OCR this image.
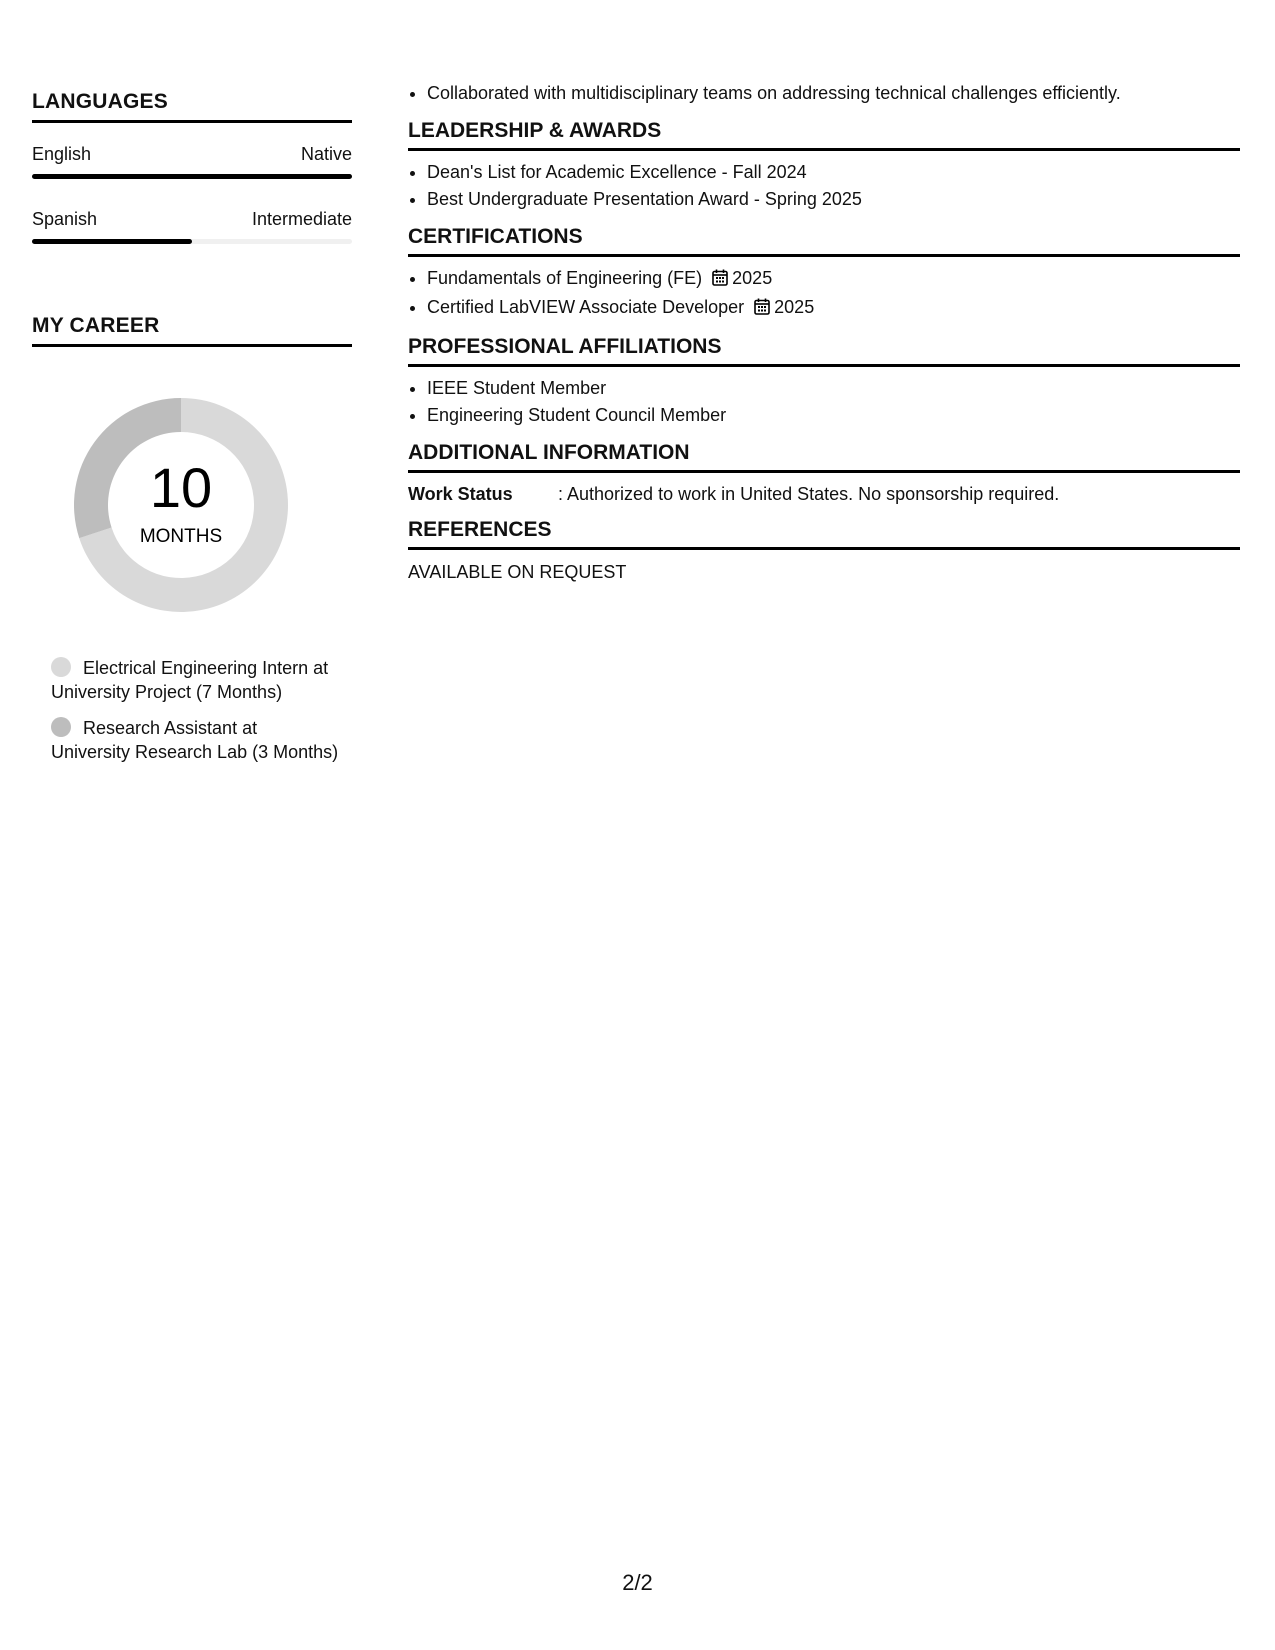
LANGUAGES
English	Native
Spanish	Intermediate
MY CAREER
10
MONTHS
Electrical Engineering Intern at University Project (7 Months)
Research Assistant at University Research Lab (3 Months)
• Collaborated with multidisciplinary teams on addressing technical challenges efficiently.
LEADERSHIP & AWARDS
• Dean's List for Academic Excellence - Fall 2024
• Best Undergraduate Presentation Award - Spring 2025
CERTIFICATIONS
• Fundamentals of Engineering (FE) 2025
• Certified LabVIEW Associate Developer 2025
PROFESSIONAL AFFILIATIONS
• IEEE Student Member
• Engineering Student Council Member
ADDITIONAL INFORMATION
Work Status	: Authorized to work in United States. No sponsorship required.
REFERENCES
AVAILABLE ON REQUEST
2/2
